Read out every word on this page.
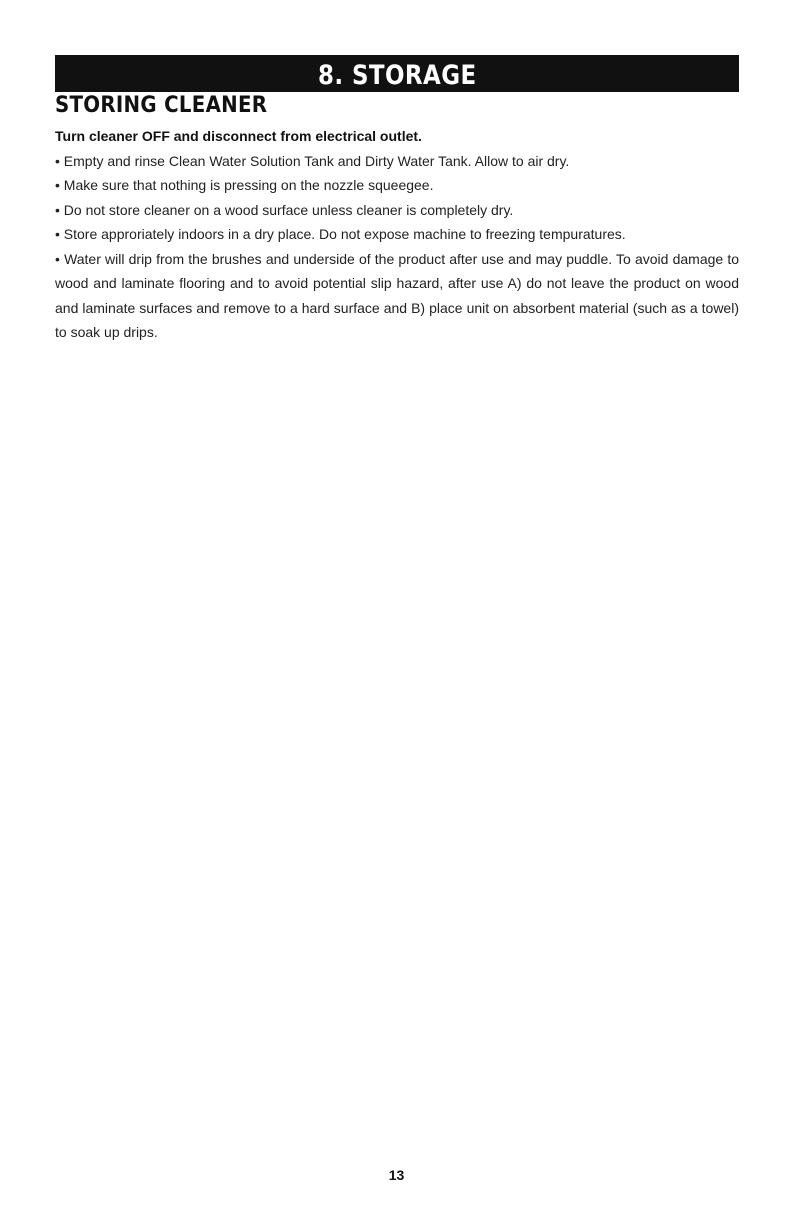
8. STORAGE
STORING CLEANER

Turn cleaner OFF and disconnect from electrical outlet.

• Empty and rinse Clean Water Solution Tank and Dirty Water Tank. Allow to air dry.
• Make sure that nothing is pressing on the nozzle squeegee.
• Do not store cleaner on a wood surface unless cleaner is completely dry.
• Store approriately indoors in a dry place. Do not expose machine to freezing tempuratures.
• Water will drip from the brushes and underside of the product after use and may puddle. To avoid damage to wood and laminate flooring and to avoid potential slip hazard, after use A) do not leave the product on wood and laminate surfaces and remove to a hard surface and B) place unit on absorbent material (such as a towel) to soak up drips.
13
